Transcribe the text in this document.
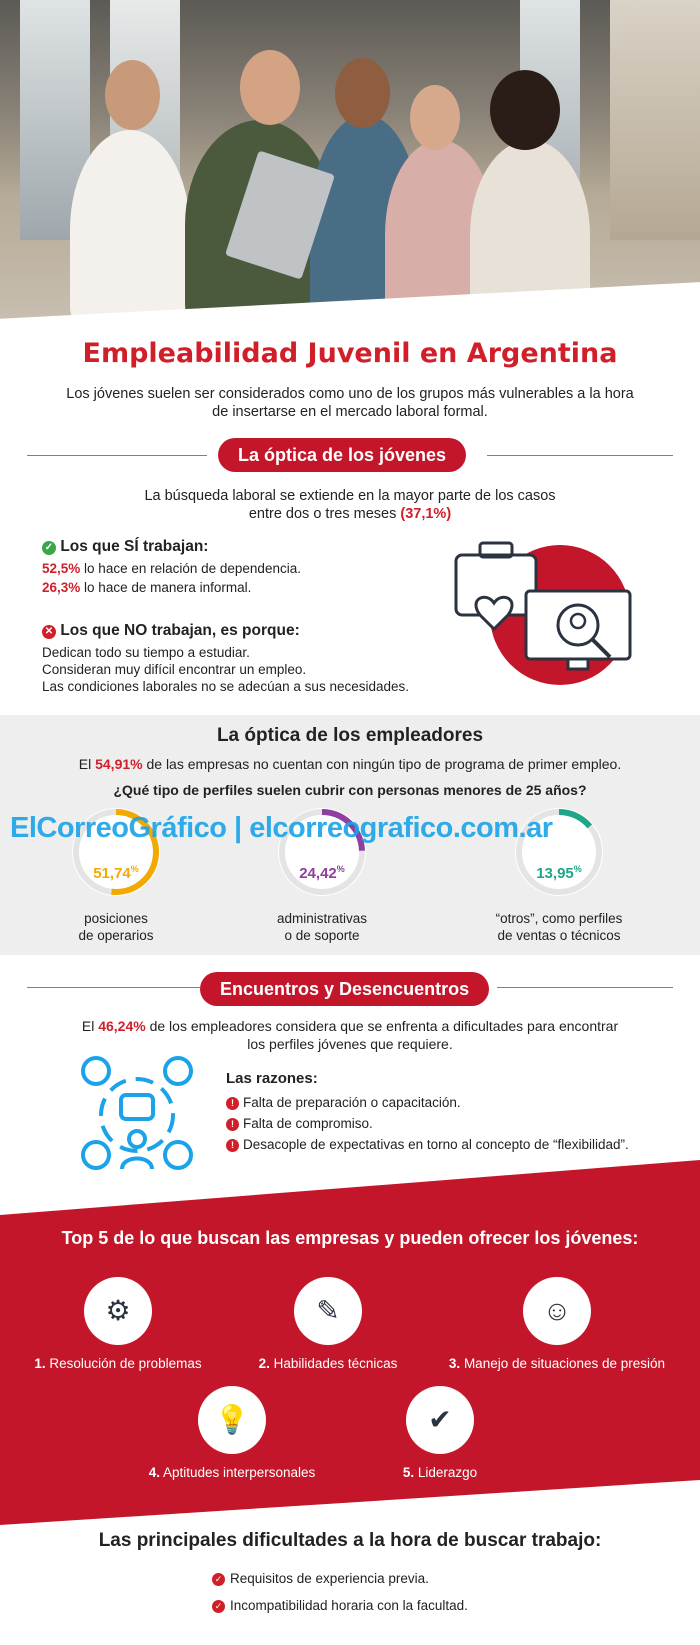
Empleabilidad Juvenil en Argentina
Los jóvenes suelen ser considerados como uno de los grupos más vulnerables a la hora
de insertarse en el mercado laboral formal.
La óptica de los jóvenes
La búsqueda laboral se extiende en la mayor parte de los casos
entre dos o tres meses (37,1%)
✓ Los que SÍ trabajan:
52,5% lo hace en relación de dependencia.
26,3% lo hace de manera informal.
✕ Los que NO trabajan, es porque:
Dedican todo su tiempo a estudiar.
Consideran muy difícil encontrar un empleo.
Las condiciones laborales no se adecúan a sus necesidades.
La óptica de los empleadores
El 54,91% de las empresas no cuentan con ningún tipo de programa de primer empleo.
¿Qué tipo de perfiles suelen cubrir con personas menores de 25 años?
51,74%
posiciones
de operarios
24,42%
administrativas
o de soporte
13,95%
“otros”, como perfiles
de ventas o técnicos
ElCorreoGráfico | elcorreografico.com.ar
Encuentros y Desencuentros
El 46,24% de los empleadores considera que se enfrenta a dificultades para encontrar
los perfiles jóvenes que requiere.
Las razones:
! Falta de preparación o capacitación.
! Falta de compromiso.
! Desacople de expectativas en torno al concepto de “flexibilidad”.
Top 5 de lo que buscan las empresas y pueden ofrecer los jóvenes:
⚙
1. Resolución de problemas
✎
2. Habilidades técnicas
☺
3. Manejo de situaciones de presión
💡
4. Aptitudes interpersonales
✔
5. Liderazgo
Las principales dificultades a la hora de buscar trabajo:
✓ Requisitos de experiencia previa.
✓ Incompatibilidad horaria con la facultad.
